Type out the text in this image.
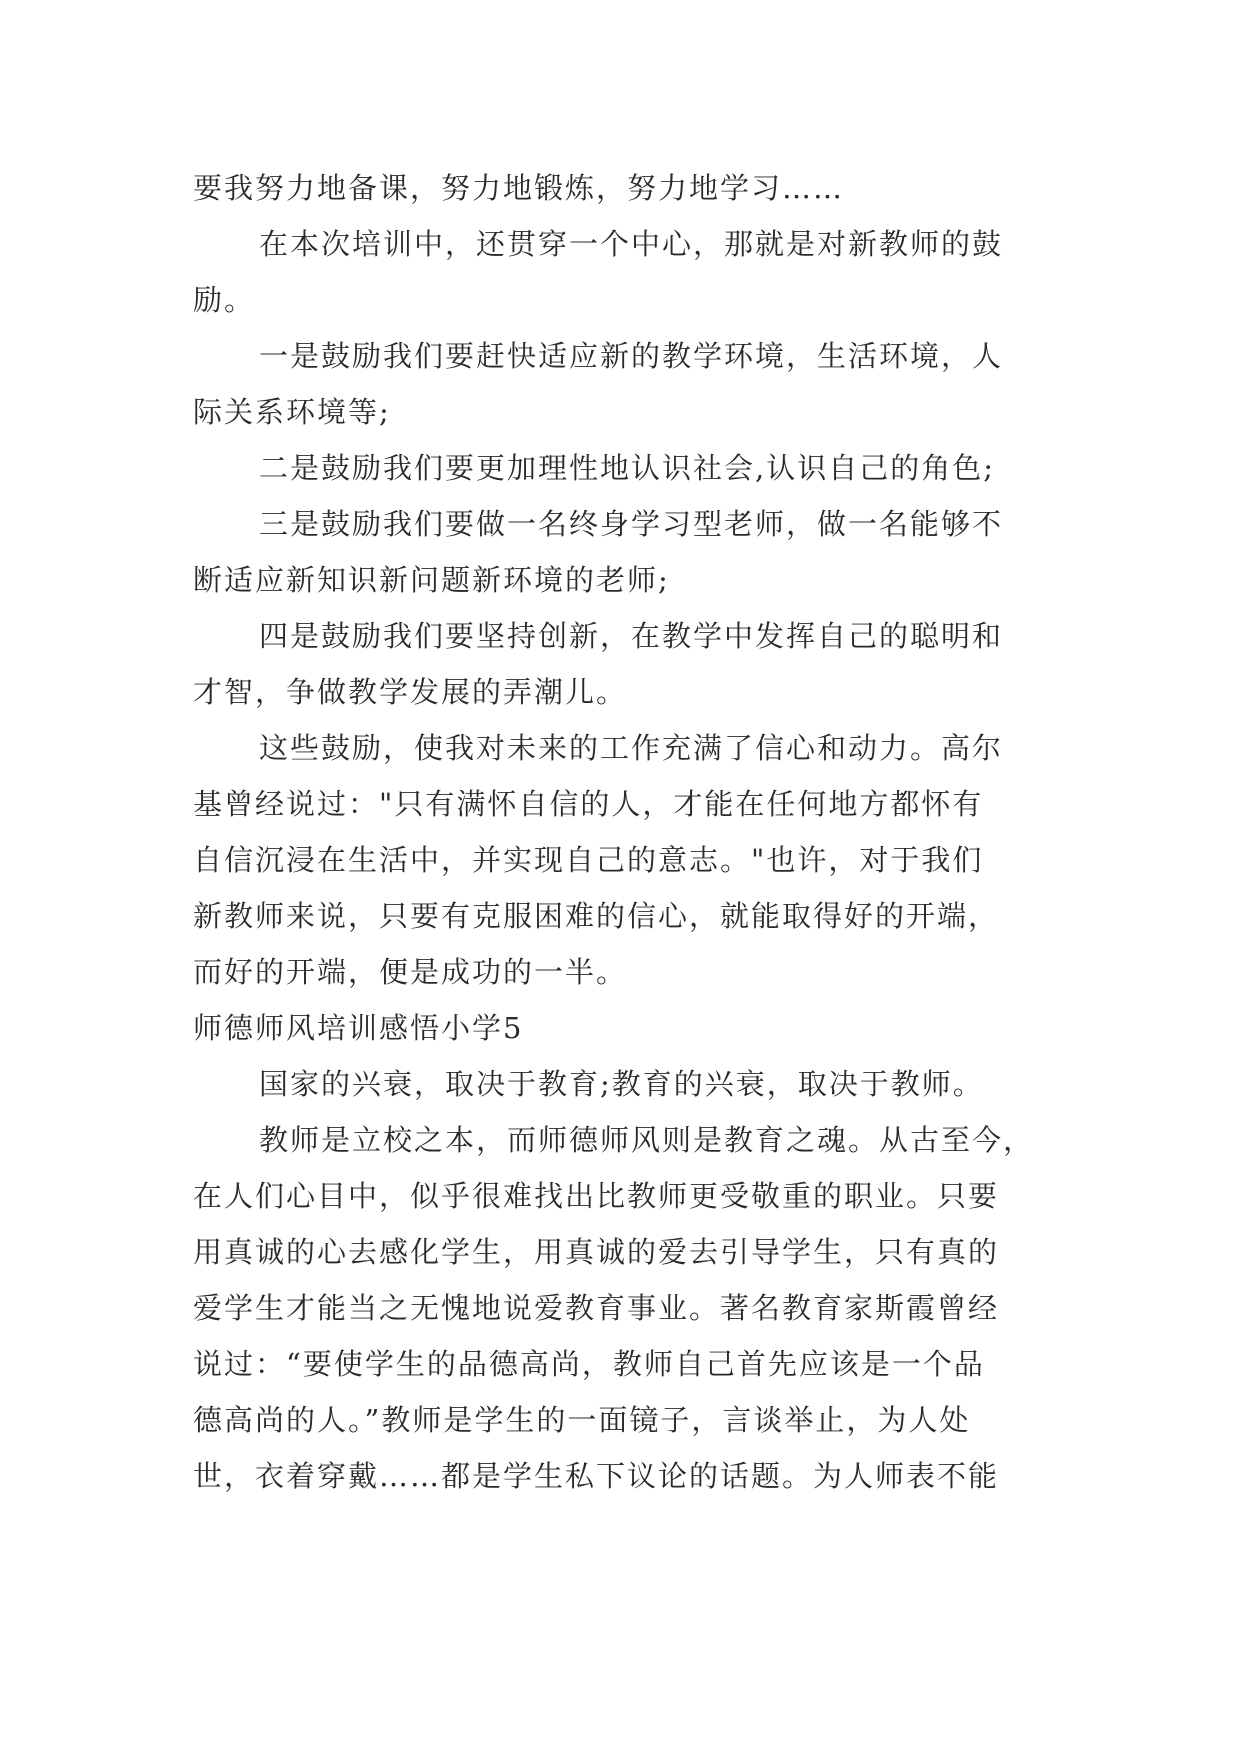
要我努力地备课，努力地锻炼，努力地学习……
在本次培训中，还贯穿一个中心，那就是对新教师的鼓
励。
一是鼓励我们要赶快适应新的教学环境，生活环境，人
际关系环境等;
二是鼓励我们要更加理性地认识社会,认识自己的角色;
三是鼓励我们要做一名终身学习型老师，做一名能够不
断适应新知识新问题新环境的老师;
四是鼓励我们要坚持创新，在教学中发挥自己的聪明和
才智，争做教学发展的弄潮儿。
这些鼓励，使我对未来的工作充满了信心和动力。高尔
基曾经说过："只有满怀自信的人，才能在任何地方都怀有
自信沉浸在生活中，并实现自己的意志。"也许，对于我们
新教师来说，只要有克服困难的信心，就能取得好的开端，
而好的开端，便是成功的一半。
师德师风培训感悟小学5
国家的兴衰，取决于教育;教育的兴衰，取决于教师。
教师是立校之本，而师德师风则是教育之魂。从古至今，
在人们心目中，似乎很难找出比教师更受敬重的职业。只要
用真诚的心去感化学生，用真诚的爱去引导学生，只有真的
爱学生才能当之无愧地说爱教育事业。著名教育家斯霞曾经
说过：“要使学生的品德高尚，教师自己首先应该是一个品
德高尚的人。”教师是学生的一面镜子，言谈举止，为人处
世，衣着穿戴……都是学生私下议论的话题。为人师表不能
